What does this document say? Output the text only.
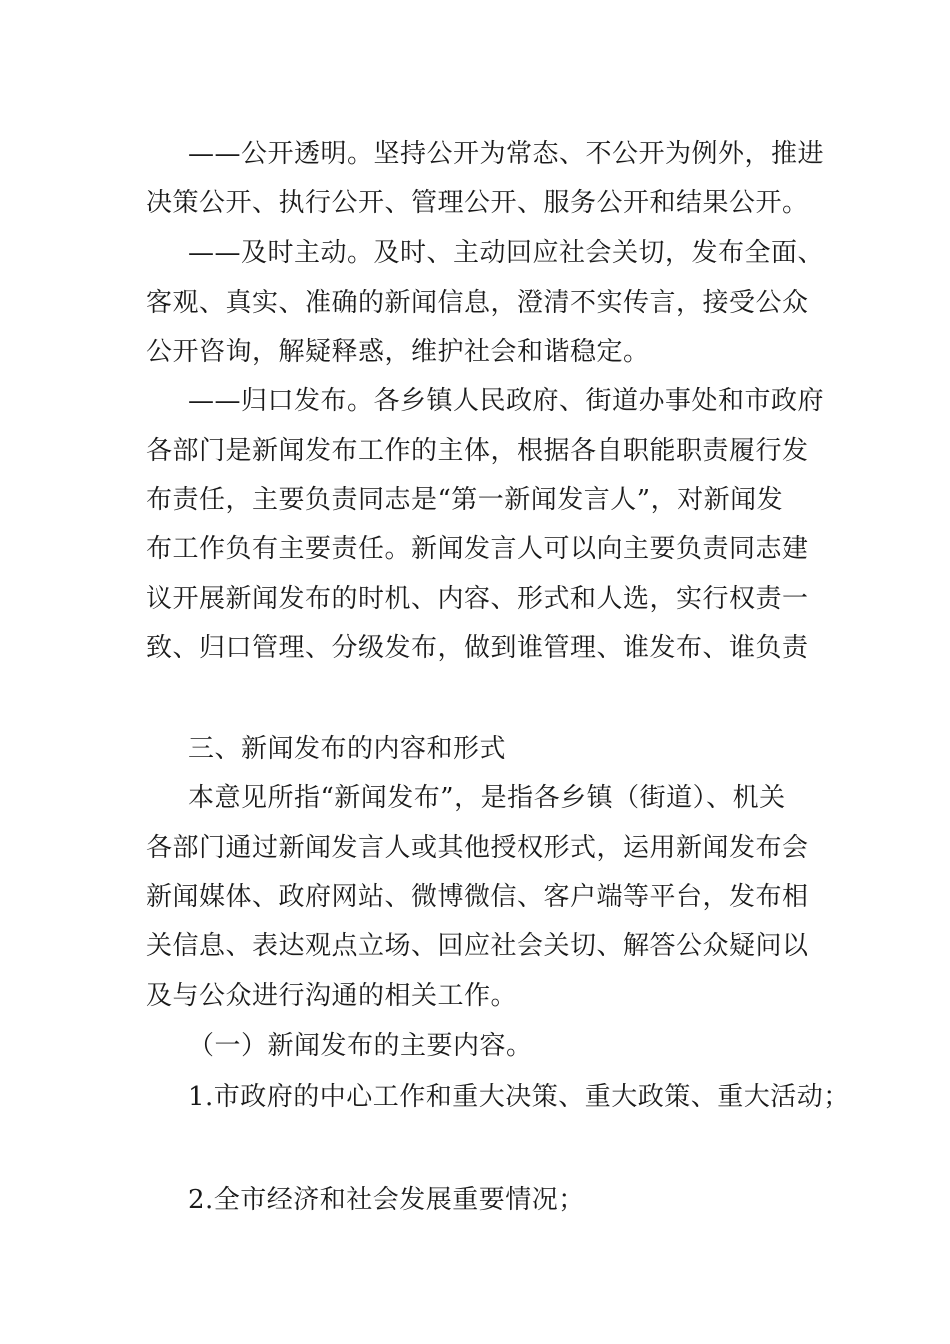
——公开透明。坚持公开为常态、不公开为例外，推进
决策公开、执行公开、管理公开、服务公开和结果公开。
——及时主动。及时、主动回应社会关切，发布全面、
客观、真实、准确的新闻信息，澄清不实传言，接受公众
公开咨询，解疑释惑，维护社会和谐稳定。
——归口发布。各乡镇人民政府、街道办事处和市政府
各部门是新闻发布工作的主体，根据各自职能职责履行发
布责任，主要负责同志是“第一新闻发言人”，对新闻发
布工作负有主要责任。新闻发言人可以向主要负责同志建
议开展新闻发布的时机、内容、形式和人选，实行权责一
致、归口管理、分级发布，做到谁管理、谁发布、谁负责
三、新闻发布的内容和形式
本意见所指“新闻发布”，是指各乡镇（街道）、机关
各部门通过新闻发言人或其他授权形式，运用新闻发布会
新闻媒体、政府网站、微博微信、客户端等平台，发布相
关信息、表达观点立场、回应社会关切、解答公众疑问以
及与公众进行沟通的相关工作。
（一）新闻发布的主要内容。
1.市政府的中心工作和重大决策、重大政策、重大活动；
2.全市经济和社会发展重要情况；
